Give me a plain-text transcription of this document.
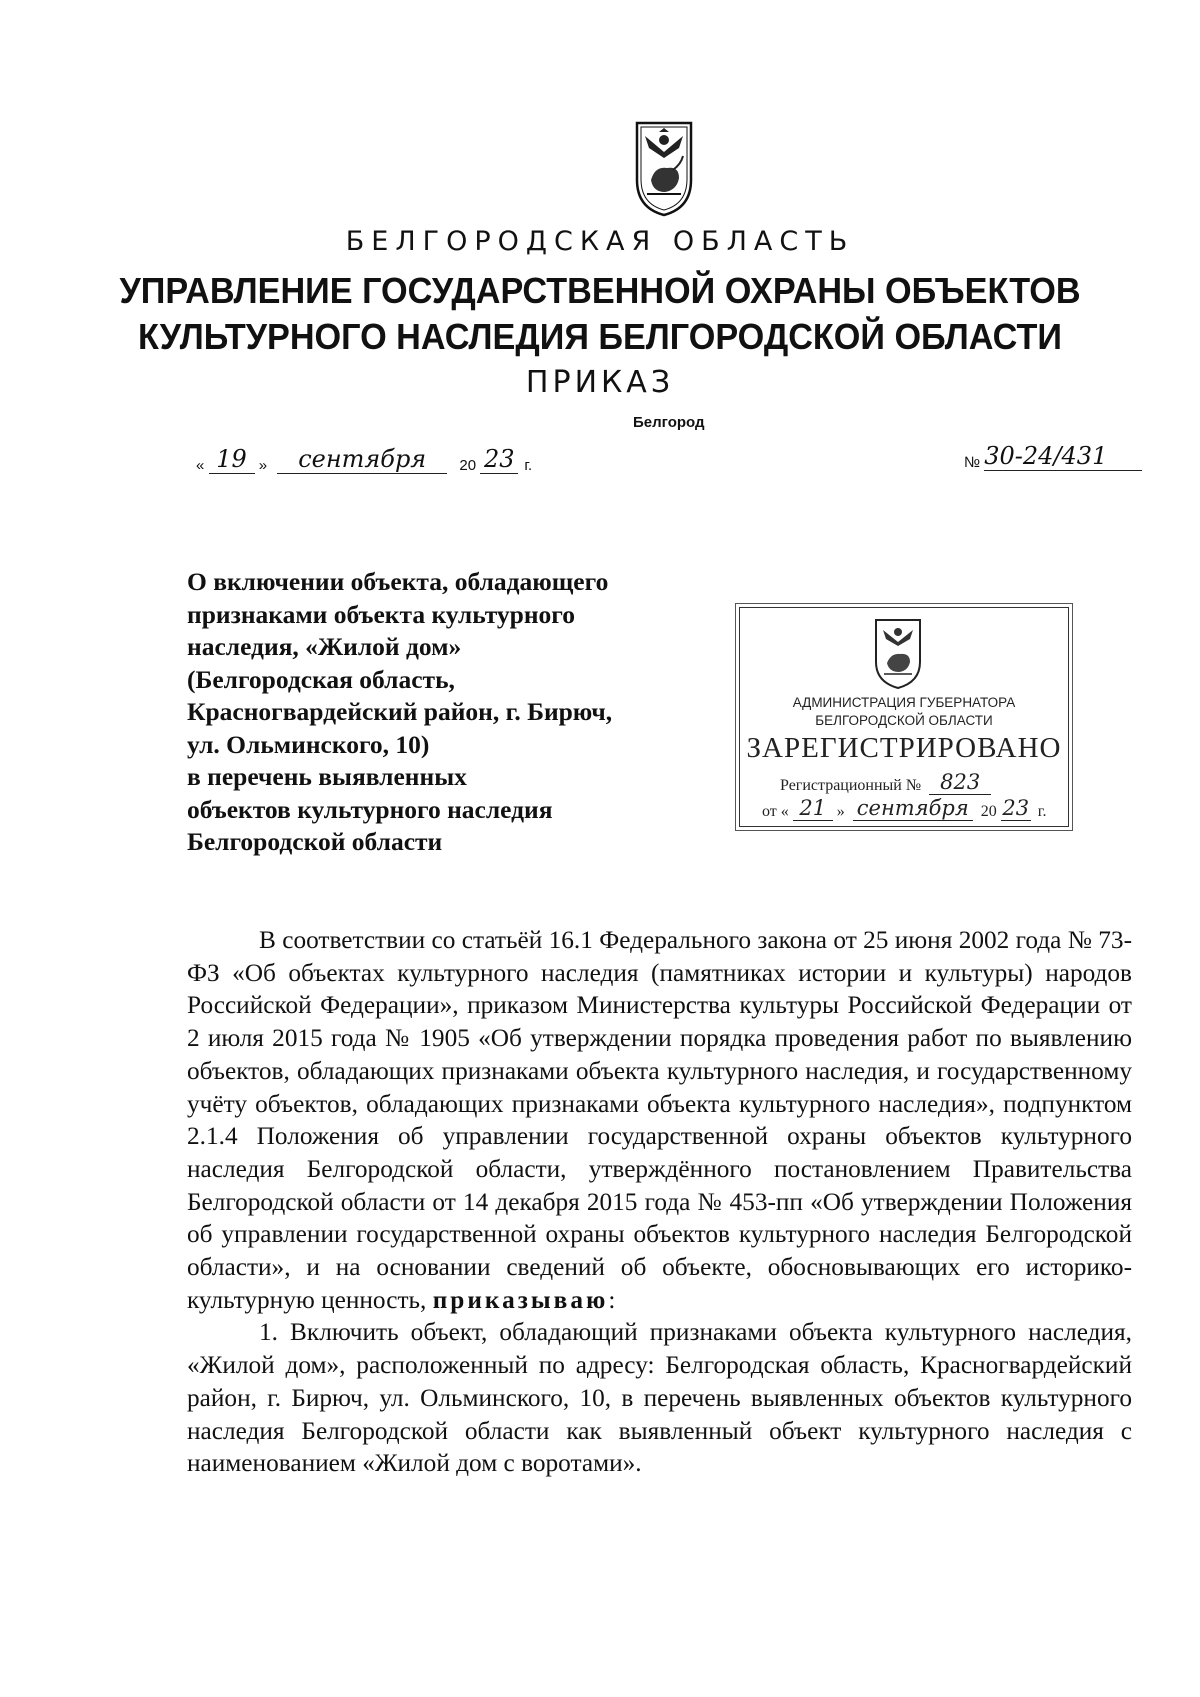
БЕЛГОРОДСКАЯ ОБЛАСТЬ
УПРАВЛЕНИЕ ГОСУДАРСТВЕННОЙ ОХРАНЫ ОБЪЕКТОВ
КУЛЬТУРНОГО НАСЛЕДИЯ БЕЛГОРОДСКОЙ ОБЛАСТИ
ПРИКАЗ
Белгород
« 19 » сентября 20 23 г.	№ 30-24/431
О включении объекта, обладающего
признаками объекта культурного
наследия, «Жилой дом»
(Белгородская область,
Красногвардейский район, г. Бирюч,
ул. Ольминского, 10)
в перечень выявленных
объектов культурного наследия
Белгородской области
АДМИНИСТРАЦИЯ ГУБЕРНАТОРА
БЕЛГОРОДСКОЙ ОБЛАСТИ
ЗАРЕГИСТРИРОВАНО
Регистрационный № 823
от « 21 » сентября 20 23 г.

В соответствии со статьёй 16.1 Федерального закона от 25 июня 2002 года № 73-ФЗ «Об объектах культурного наследия (памятниках истории и культуры) народов Российской Федерации», приказом Министерства культуры Российской Федерации от 2 июля 2015 года № 1905 «Об утверждении порядка проведения работ по выявлению объектов, обладающих признаками объекта культурного наследия, и государственному учёту объектов, обладающих признаками объекта культурного наследия», подпунктом 2.1.4 Положения об управлении государственной охраны объектов культурного наследия Белгородской области, утверждённого постановлением Правительства Белгородской области от 14 декабря 2015 года № 453-пп «Об утверждении Положения об управлении государственной охраны объектов культурного наследия Белгородской области», и на основании сведений об объекте, обосновывающих его историко-культурную ценность, приказываю:

1. Включить объект, обладающий признаками объекта культурного наследия, «Жилой дом», расположенный по адресу: Белгородская область, Красногвардейский район, г. Бирюч, ул. Ольминского, 10, в перечень выявленных объектов культурного наследия Белгородской области как выявленный объект культурного наследия с наименованием «Жилой дом с воротами».
